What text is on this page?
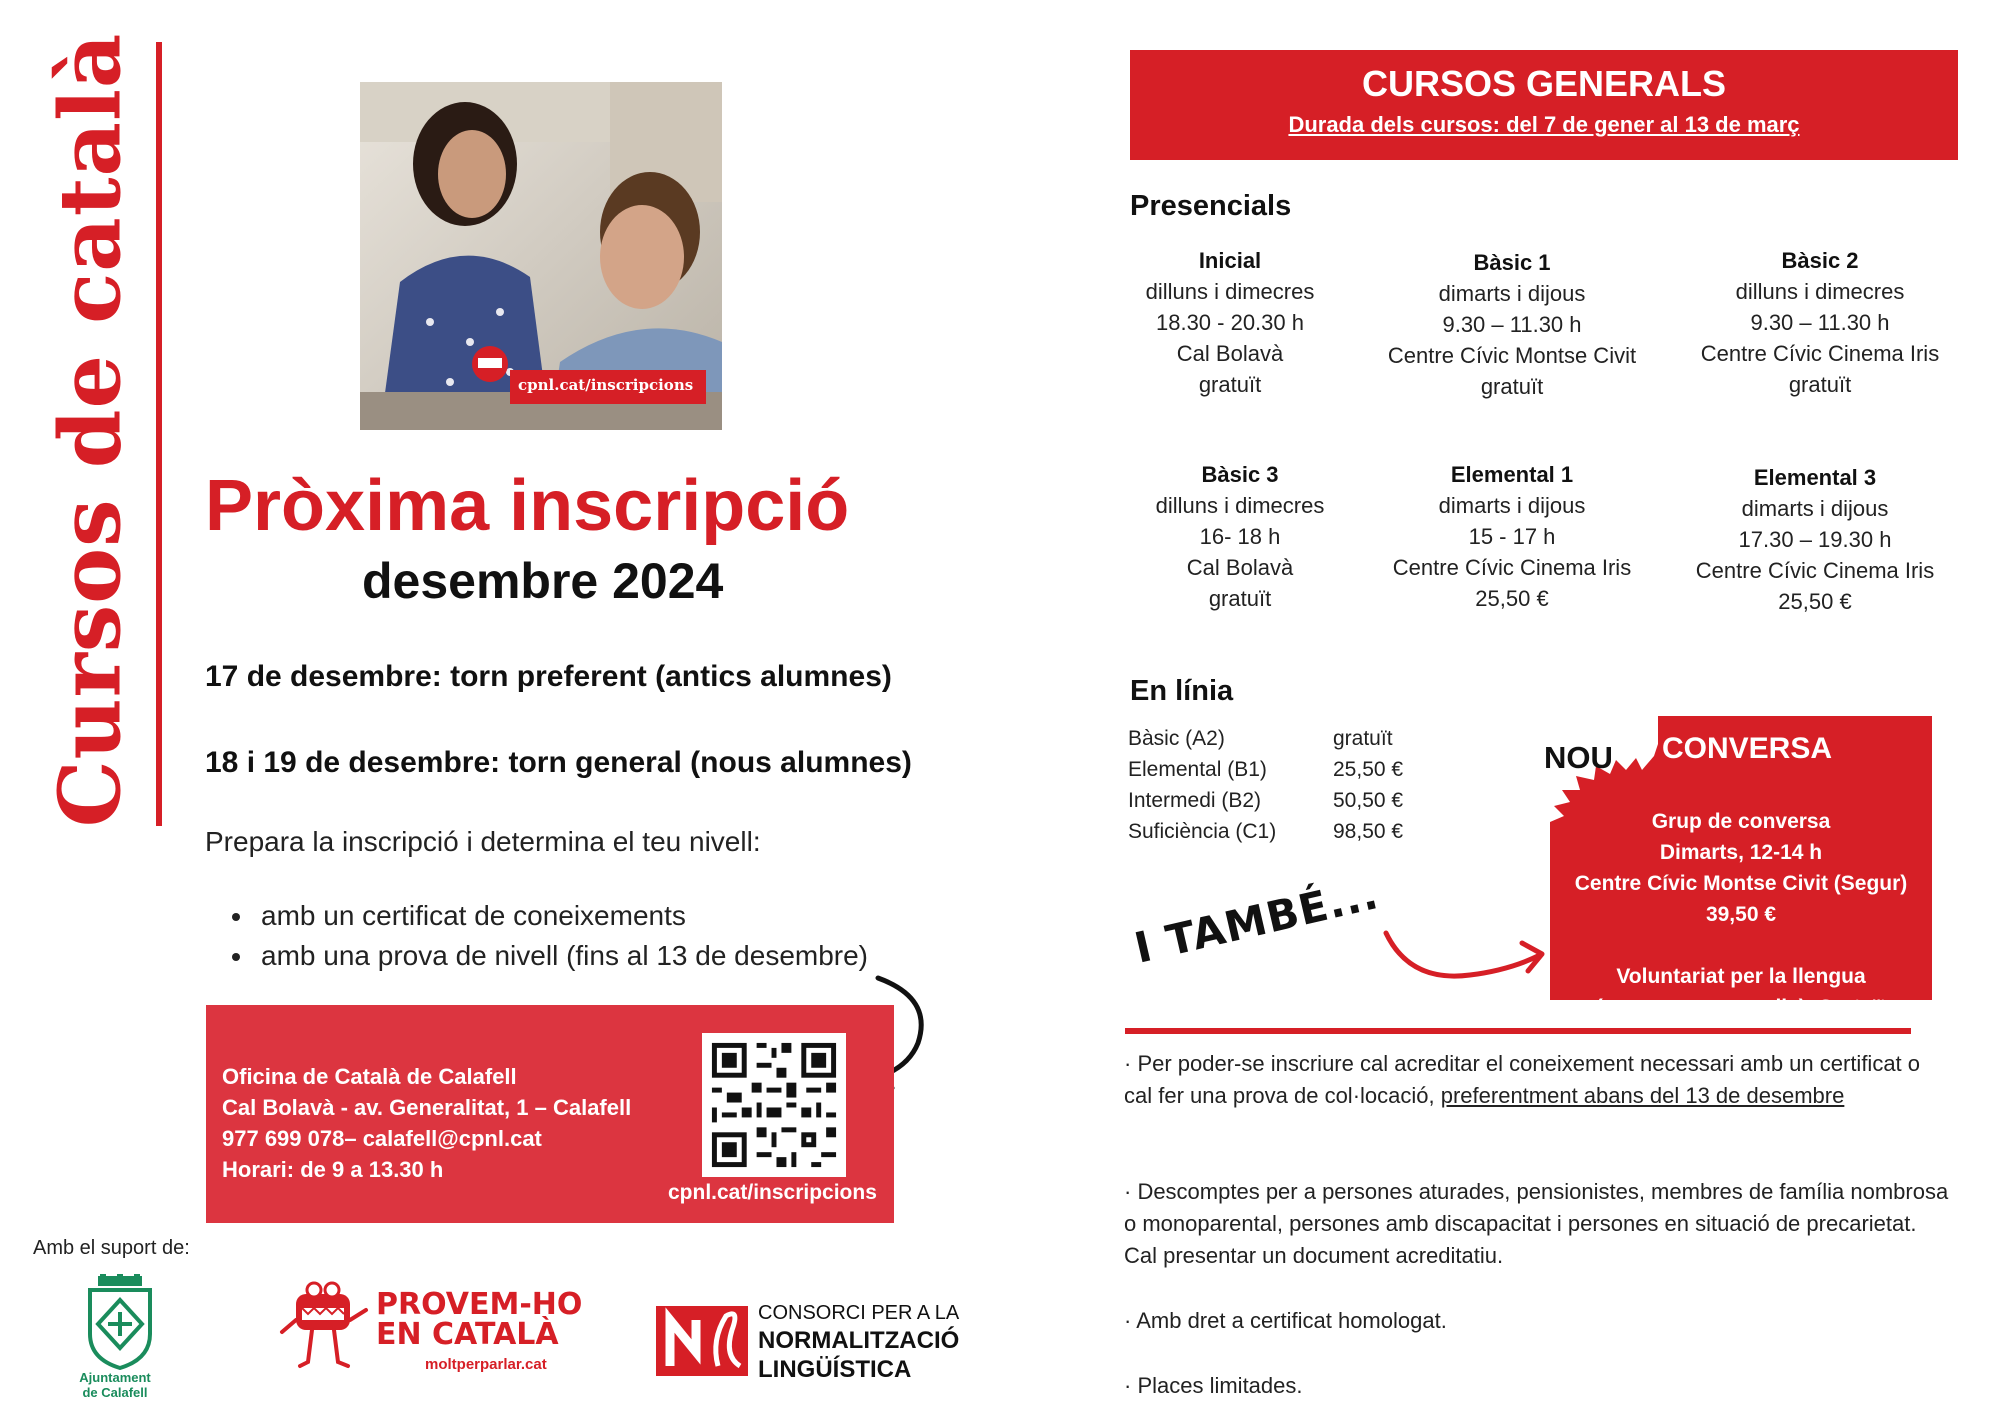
Cursos de català	cpnl.cat/inscripcions
Pròxima inscripció
desembre 2024
17 de desembre: torn preferent (antics alumnes)
18 i 19 de desembre: torn general (nous alumnes)
Prepara la inscripció i determina el teu nivell:
• amb un certificat de coneixements
• amb una prova de nivell (fins al 13 de desembre)
Oficina de Català de Calafell
Cal Bolavà - av. Generalitat, 1 – Calafell
977 699 078– calafell@cpnl.cat
Horari: de 9 a 13.30 h
cpnl.cat/inscripcions
Amb el suport de:
Ajuntament
de Calafell
PROVEM-HO
EN CATALÀ
moltperparlar.cat
CONSORCI PER A LA
NORMALITZACIÓ
LINGÜÍSTICA
CURSOS GENERALS
Durada dels cursos: del 7 de gener al 13 de març
Presencials
Inicial
dilluns i dimecres
18.30 - 20.30 h
Cal Bolavà
gratuït
Bàsic 1
dimarts i dijous
9.30 – 11.30 h
Centre Cívic Montse Civit
gratuït
Bàsic 2
dilluns i dimecres
9.30 – 11.30 h
Centre Cívic Cinema Iris
gratuït
Bàsic 3
dilluns i dimecres
16- 18 h
Cal Bolavà
gratuït
Elemental 1
dimarts i dijous
15 - 17 h
Centre Cívic Cinema Iris
25,50 €
Elemental 3
dimarts i dijous
17.30 – 19.30 h
Centre Cívic Cinema Iris
25,50 €
En línia
Bàsic (A2)	gratuït
Elemental (B1)	25,50 €
Intermedi (B2)	50,50 €
Suficiència (C1)	98,50 €
CONVERSA
Grup de conversa
Dimarts, 12-14 h
Centre Cívic Montse Civit (Segur)
39,50 €
Voluntariat per la llengua
(conversa en parella). Gratuït
NOU
I TAMBÉ...
· Per poder-se inscriure cal acreditar el coneixement necessari amb un certificat o cal fer una prova de col·locació, preferentment abans del 13 de desembre
· Descomptes per a persones aturades, pensionistes, membres de família nombrosa o monoparental, persones amb discapacitat i persones en situació de precarietat. Cal presentar un document acreditatiu.
· Amb dret a certificat homologat.
· Places limitades.
